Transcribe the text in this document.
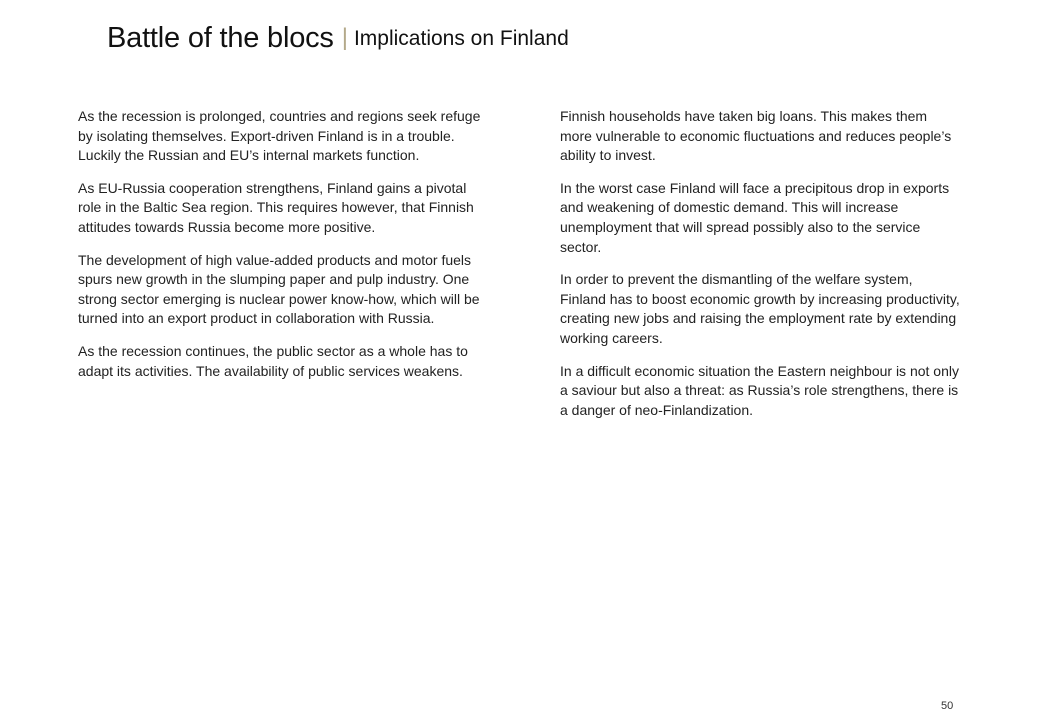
Battle of the blocs | Implications on Finland

As the recession is prolonged, countries and regions seek refuge by isolating themselves. Export-driven Finland is in a trouble. Luckily the Russian and EU’s internal markets function.

As EU-Russia cooperation strengthens, Finland gains a pivotal role in the Baltic Sea region. This requires however, that Finnish attitudes towards Russia become more positive.

The development of high value-added products and motor fuels spurs new growth in the slumping paper and pulp industry. One strong sector emerging is nuclear power know-how, which will be turned into an export product in collaboration with Russia.

As the recession continues, the public sector as a whole has to adapt its activities. The availability of public services weakens.

Finnish households have taken big loans. This makes them more vulnerable to economic fluctuations and reduces people’s ability to invest.

In the worst case Finland will face a precipitous drop in exports and weakening of domestic demand. This will increase unemployment that will spread possibly also to the service sector.

In order to prevent the dismantling of the welfare system, Finland has to boost economic growth by increasing productivity, creating new jobs and raising the employment rate by extending working careers.

In a difficult economic situation the Eastern neighbour is not only a saviour but also a threat: as Russia’s role strengthens, there is a danger of neo-Finlandization.

50
